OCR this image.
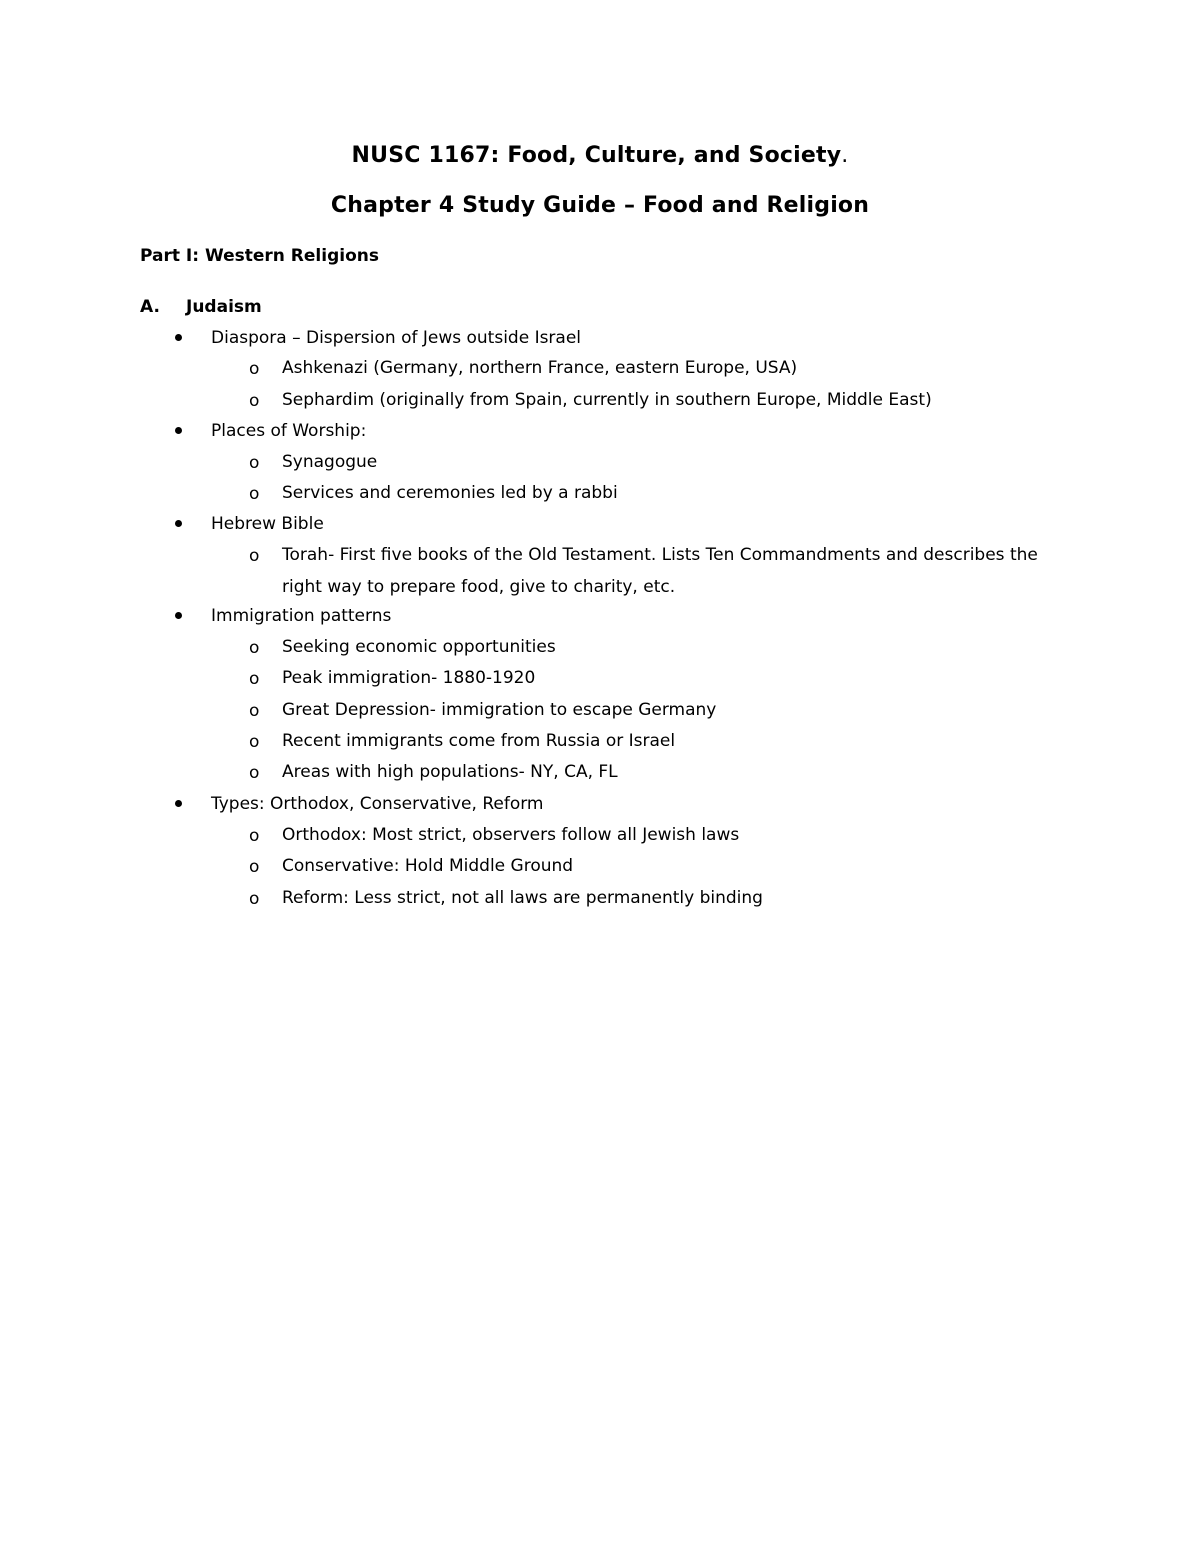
NUSC 1167: Food, Culture, and Society.
Chapter 4 Study Guide – Food and Religion
Part I: Western Religions
A. Judaism
Diaspora – Dispersion of Jews outside Israel
o Ashkenazi (Germany, northern France, eastern Europe, USA)
o Sephardim (originally from Spain, currently in southern Europe, Middle East)
Places of Worship:
o Synagogue
o Services and ceremonies led by a rabbi
Hebrew Bible
o Torah- First five books of the Old Testament. Lists Ten Commandments and describes the
right way to prepare food, give to charity, etc.
Immigration patterns
o Seeking economic opportunities
o Peak immigration- 1880-1920
o Great Depression- immigration to escape Germany
o Recent immigrants come from Russia or Israel
o Areas with high populations- NY, CA, FL
Types: Orthodox, Conservative, Reform
o Orthodox: Most strict, observers follow all Jewish laws
o Conservative: Hold Middle Ground
o Reform: Less strict, not all laws are permanently binding
